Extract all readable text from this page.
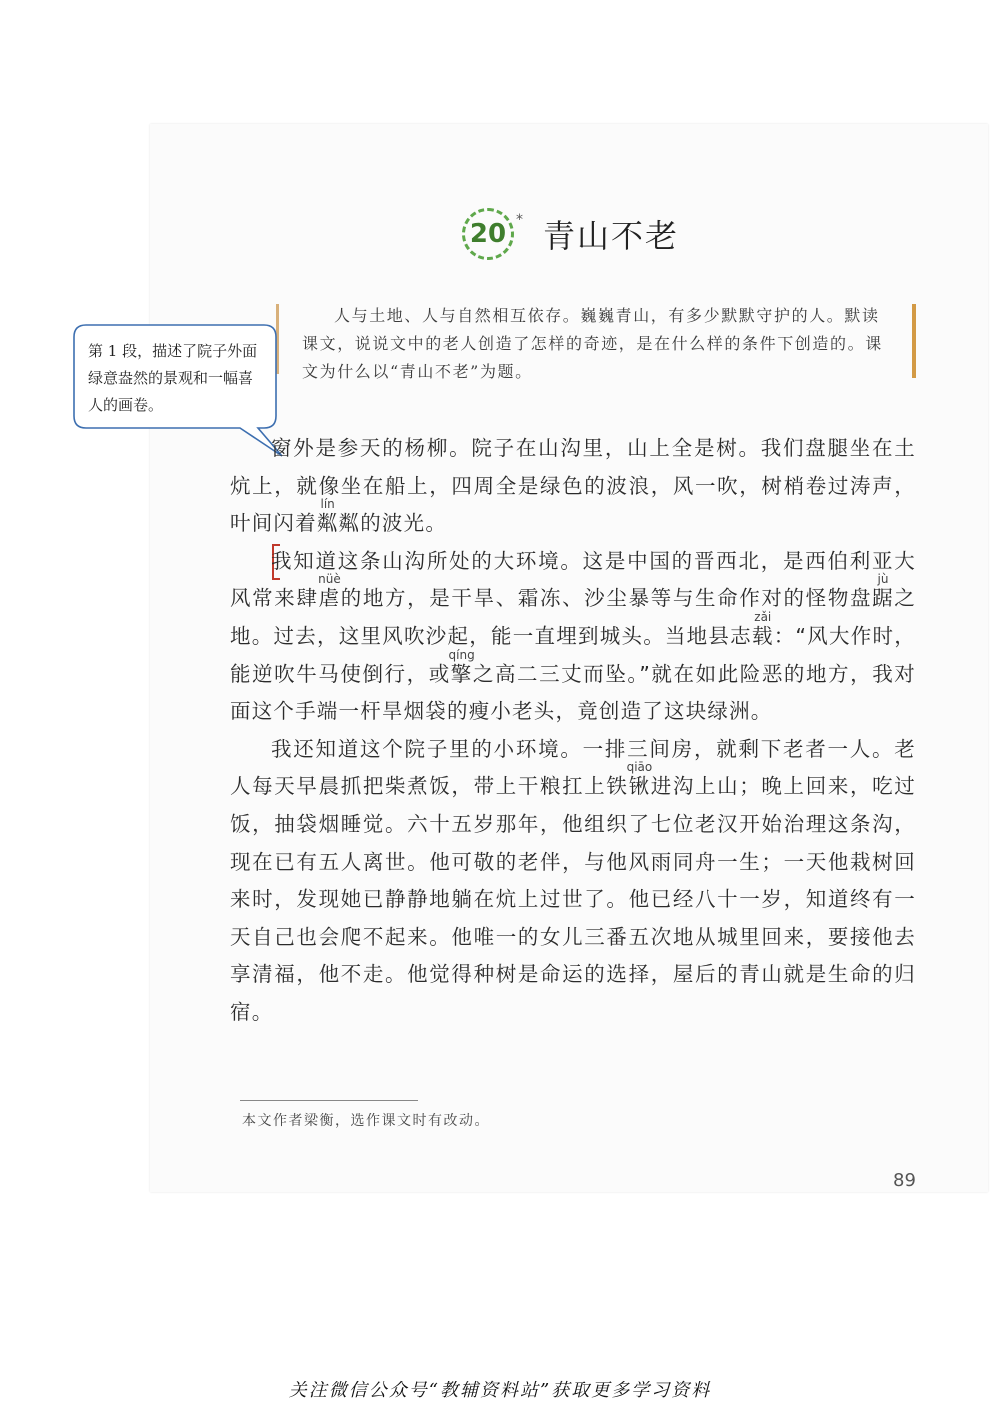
20 * 青山不老
人与土地、人与自然相互依存。巍巍青山，有多少默默守护的人。默读课文，说说文中的老人创造了怎样的奇迹，是在什么样的条件下创造的。课文为什么以“青山不老”为题。
第 1 段，描述了院子外面绿意盎然的景观和一幅喜人的画卷。

窗外是参天的杨柳。院子在山沟里，山上全是树。我们盘腿坐在土炕上，就像坐在船上，四周全是绿色的波浪，风一吹，树梢卷过涛声，叶间闪着粼lín粼的波光。

我知道这条山沟所处的大环境。这是中国的晋西北，是西伯利亚大风常来肆虐nüè的地方，是干旱、霜冻、沙尘暴等与生命作对的怪物盘踞jù之地。过去，这里风吹沙起，能一直埋到城头。当地县志载zǎi：“风大作时，能逆吹牛马使倒行，或擎qíng之高二三丈而坠。”就在如此险恶的地方，我对面这个手端一杆旱烟袋的瘦小老头，竟创造了这块绿洲。

我还知道这个院子里的小环境。一排三间房，就剩下老者一人。老人每天早晨抓把柴煮饭，带上干粮扛上铁锹qiāo进沟上山；晚上回来，吃过饭，抽袋烟睡觉。六十五岁那年，他组织了七位老汉开始治理这条沟，现在已有五人离世。他可敬的老伴，与他风雨同舟一生；一天他栽树回来时，发现她已静静地躺在炕上过世了。他已经八十一岁，知道终有一天自己也会爬不起来。他唯一的女儿三番五次地从城里回来，要接他去享清福，他不走。他觉得种树是命运的选择，屋后的青山就是生命的归宿。

本文作者梁衡，选作课文时有改动。
89
关注微信公众号“教辅资料站”获取更多学习资料
